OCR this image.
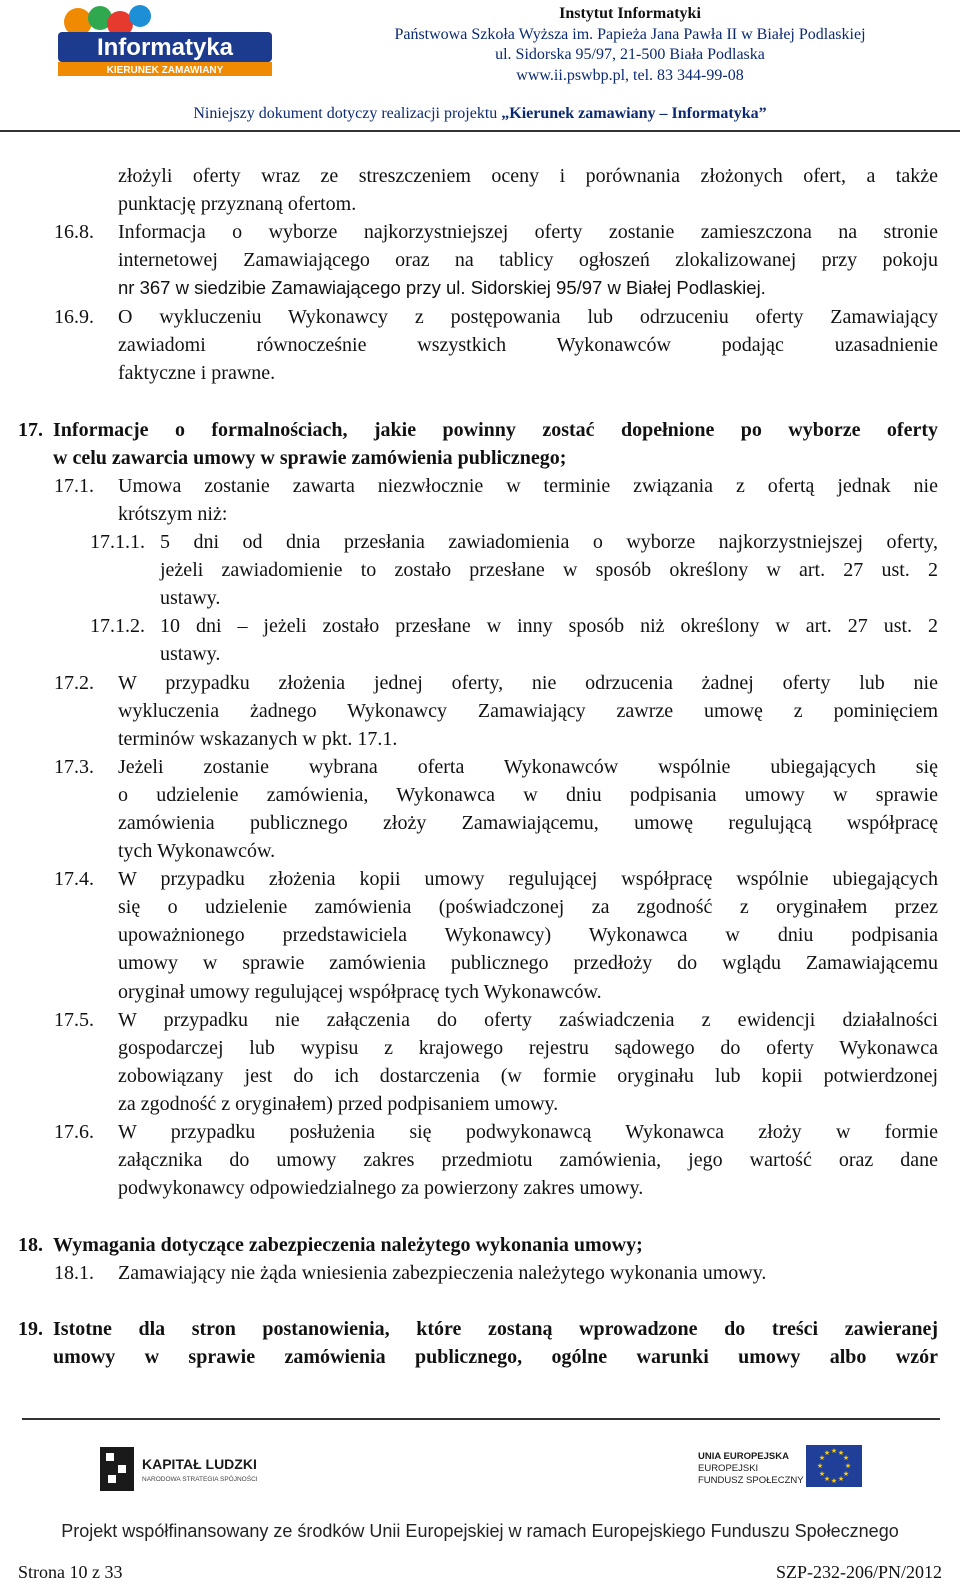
Informatyka
KIERUNEK ZAMAWIANY
Instytut Informatyki
Państwowa Szkoła Wyższa im. Papieża Jana Pawła II w Białej Podlaskiej
ul. Sidorska 95/97, 21-500 Biała Podlaska
www.ii.pswbp.pl, tel. 83 344-99-08
Niniejszy dokument dotyczy realizacji projektu „Kierunek zamawiany – Informatyka”
złożyli oferty wraz ze streszczeniem oceny i porównania złożonych ofert, a także
punktację przyznaną ofertom.
16.8. Informacja o wyborze najkorzystniejszej oferty zostanie zamieszczona na stronie
internetowej Zamawiającego oraz na tablicy ogłoszeń zlokalizowanej przy pokoju
nr 367 w siedzibie Zamawiającego przy ul. Sidorskiej 95/97 w Białej Podlaskiej.
16.9. O wykluczeniu Wykonawcy z postępowania lub odrzuceniu oferty Zamawiający
zawiadomi równocześnie wszystkich Wykonawców podając uzasadnienie
faktyczne i prawne.
17. Informacje o formalnościach, jakie powinny zostać dopełnione po wyborze oferty
w celu zawarcia umowy w sprawie zamówienia publicznego;
17.1. Umowa zostanie zawarta niezwłocznie w terminie związania z ofertą jednak nie
krótszym niż:
17.1.1. 5 dni od dnia przesłania zawiadomienia o wyborze najkorzystniejszej oferty,
jeżeli zawiadomienie to zostało przesłane w sposób określony w art. 27 ust. 2
ustawy.
17.1.2. 10 dni – jeżeli zostało przesłane w inny sposób niż określony w art. 27 ust. 2
ustawy.
17.2. W przypadku złożenia jednej oferty, nie odrzucenia żadnej oferty lub nie
wykluczenia żadnego Wykonawcy Zamawiający zawrze umowę z pominięciem
terminów wskazanych w pkt. 17.1.
17.3. Jeżeli zostanie wybrana oferta Wykonawców wspólnie ubiegających się
o udzielenie zamówienia, Wykonawca w dniu podpisania umowy w sprawie
zamówienia publicznego złoży Zamawiającemu, umowę regulującą współpracę
tych Wykonawców.
17.4. W przypadku złożenia kopii umowy regulującej współpracę wspólnie ubiegających
się o udzielenie zamówienia (poświadczonej za zgodność z oryginałem przez
upoważnionego przedstawiciela Wykonawcy) Wykonawca w dniu podpisania
umowy w sprawie zamówienia publicznego przedłoży do wglądu Zamawiającemu
oryginał umowy regulującej współpracę tych Wykonawców.
17.5. W przypadku nie załączenia do oferty zaświadczenia z ewidencji działalności
gospodarczej lub wypisu z krajowego rejestru sądowego do oferty Wykonawca
zobowiązany jest do ich dostarczenia (w formie oryginału lub kopii potwierdzonej
za zgodność z oryginałem) przed podpisaniem umowy.
17.6. W przypadku posłużenia się podwykonawcą Wykonawca złoży w formie
załącznika do umowy zakres przedmiotu zamówienia, jego wartość oraz dane
podwykonawcy odpowiedzialnego za powierzony zakres umowy.
18. Wymagania dotyczące zabezpieczenia należytego wykonania umowy;
18.1. Zamawiający nie żąda wniesienia zabezpieczenia należytego wykonania umowy.
19. Istotne dla stron postanowienia, które zostaną wprowadzone do treści zawieranej
umowy w sprawie zamówienia publicznego, ogólne warunki umowy albo wzór
KAPITAŁ LUDZKI
NARODOWA STRATEGIA SPÓJNOŚCI
UNIA EUROPEJSKA
EUROPEJSKI
FUNDUSZ SPOŁECZNY
★ ★
★
★
★
★
★
★
★
★
★
★
Projekt współfinansowany ze środków Unii Europejskiej w ramach Europejskiego Funduszu Społecznego
Strona 10 z 33	SZP-232-206/PN/2012
